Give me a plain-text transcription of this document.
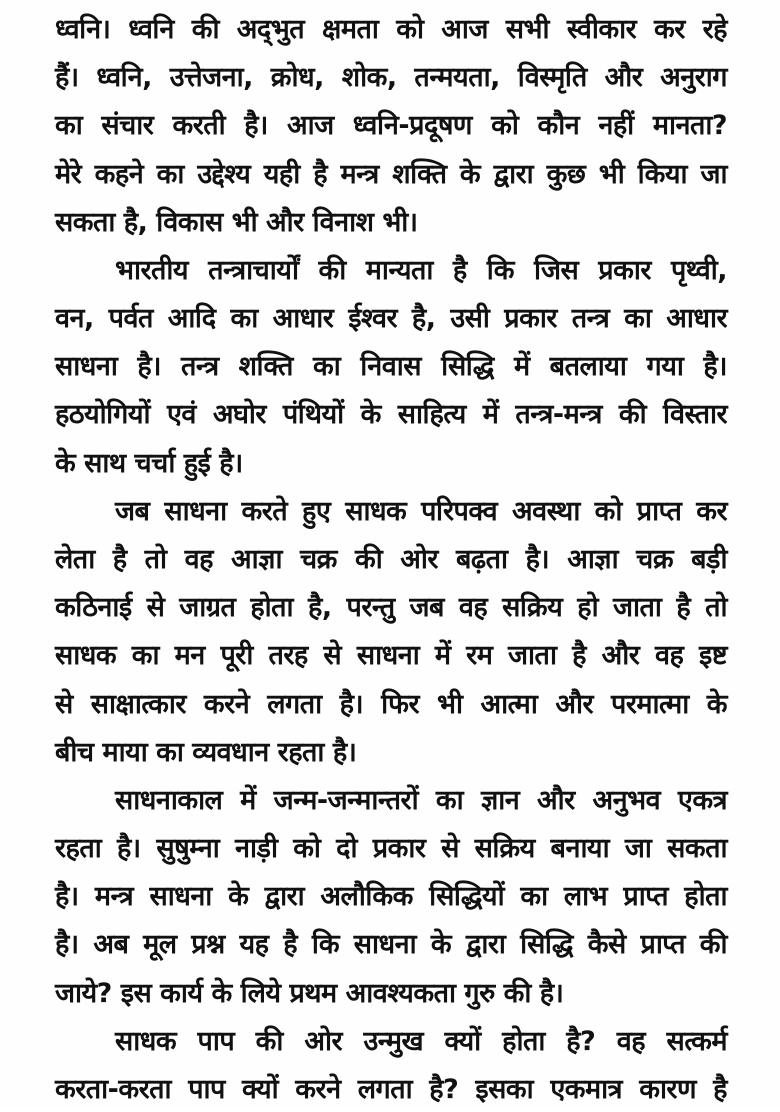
ध्वनि। ध्वनि की अद्‌भुत क्षमता को आज सभी स्वीकार कर रहे
हैं। ध्वनि, उत्तेजना, क्रोध, शोक, तन्मयता, विस्मृति और अनुराग
का संचार करती है। आज ध्वनि-प्रदूषण को कौन नहीं मानता?
मेरे कहने का उद्देश्य यही है मन्त्र शक्ति के द्वारा कुछ भी किया जा
सकता है, विकास भी और विनाश भी।
भारतीय तन्त्राचार्यों की मान्यता है कि जिस प्रकार पृथ्वी,
वन, पर्वत आदि का आधार ईश्वर है, उसी प्रकार तन्त्र का आधार
साधना है। तन्त्र शक्ति का निवास सिद्धि में बतलाया गया है।
हठयोगियों एवं अघोर पंथियों के साहित्य में तन्त्र-मन्त्र की विस्तार
के साथ चर्चा हुई है।
जब साधना करते हुए साधक परिपक्व अवस्था को प्राप्त कर
लेता है तो वह आज्ञा चक्र की ओर बढ़ता है। आज्ञा चक्र बड़ी
कठिनाई से जाग्रत होता है, परन्तु जब वह सक्रिय हो जाता है तो
साधक का मन पूरी तरह से साधना में रम जाता है और वह इष्ट
से साक्षात्कार करने लगता है। फिर भी आत्मा और परमात्मा के
बीच माया का व्यवधान रहता है।
साधनाकाल में जन्म-जन्मान्तरों का ज्ञान और अनुभव एकत्र
रहता है। सुषुम्ना नाड़ी को दो प्रकार से सक्रिय बनाया जा सकता
है। मन्त्र साधना के द्वारा अलौकिक सिद्धियों का लाभ प्राप्त होता
है। अब मूल प्रश्न यह है कि साधना के द्वारा सिद्धि कैसे प्राप्त की
जाये? इस कार्य के लिये प्रथम आवश्यकता गुरु की है।
साधक पाप की ओर उन्मुख क्यों होता है? वह सत्कर्म
करता-करता पाप क्यों करने लगता है? इसका एकमात्र कारण है
